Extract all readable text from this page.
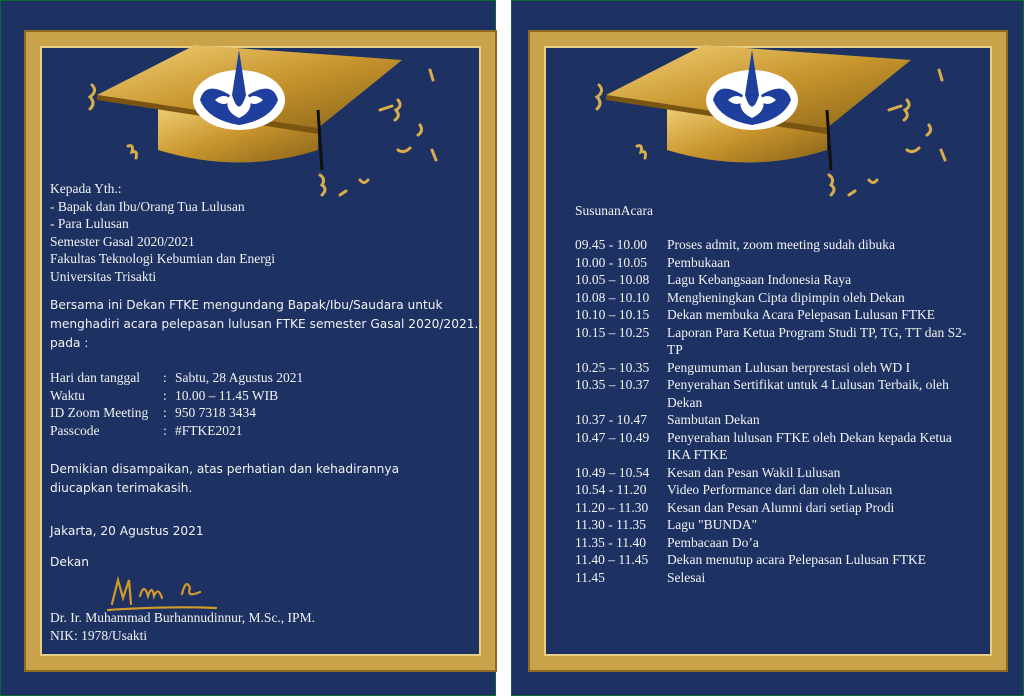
Kepada Yth.:
- Bapak dan Ibu/Orang Tua Lulusan
- Para Lulusan
Semester Gasal 2020/2021
Fakultas Teknologi Kebumian dan Energi
Universitas Trisakti
Bersama ini Dekan FTKE mengundang Bapak/Ibu/Saudara untuk
menghadiri acara pelepasan lulusan FTKE semester Gasal 2020/2021.
pada :
Hari dan tanggal	: Sabtu, 28 Agustus 2021
Waktu	: 10.00 – 11.45 WIB
ID Zoom Meeting	: 950 7318 3434
Passcode	: #FTKE2021
Demikian disampaikan, atas perhatian dan kehadirannya
diucapkan terimakasih.
Jakarta, 20 Agustus 2021
Dekan
Dr. Ir. Muhammad Burhannudinnur, M.Sc., IPM.
NIK: 1978/Usakti
SusunanAcara
09.45 - 10.00	Proses admit, zoom meeting sudah dibuka
10.00 - 10.05	Pembukaan
10.05 – 10.08	Lagu Kebangsaan Indonesia Raya
10.08 – 10.10	Mengheningkan Cipta dipimpin oleh Dekan
10.10 – 10.15	Dekan membuka Acara Pelepasan Lulusan FTKE
10.15 – 10.25	Laporan Para Ketua Program Studi TP, TG, TT dan S2-TP
10.25 – 10.35	Pengumuman Lulusan berprestasi oleh WD I
10.35 – 10.37	Penyerahan Sertifikat untuk 4 Lulusan Terbaik, oleh Dekan
10.37 - 10.47	Sambutan Dekan
10.47 – 10.49	Penyerahan lulusan FTKE oleh Dekan kepada Ketua IKA FTKE
10.49 – 10.54	Kesan dan Pesan Wakil Lulusan
10.54 - 11.20	Video Performance dari dan oleh Lulusan
11.20 – 11.30	Kesan dan Pesan Alumni dari setiap Prodi
11.30 - 11.35	Lagu "BUNDA"
11.35 - 11.40	Pembacaan Do’a
11.40 – 11.45	Dekan menutup acara Pelepasan Lulusan FTKE
11.45	Selesai
